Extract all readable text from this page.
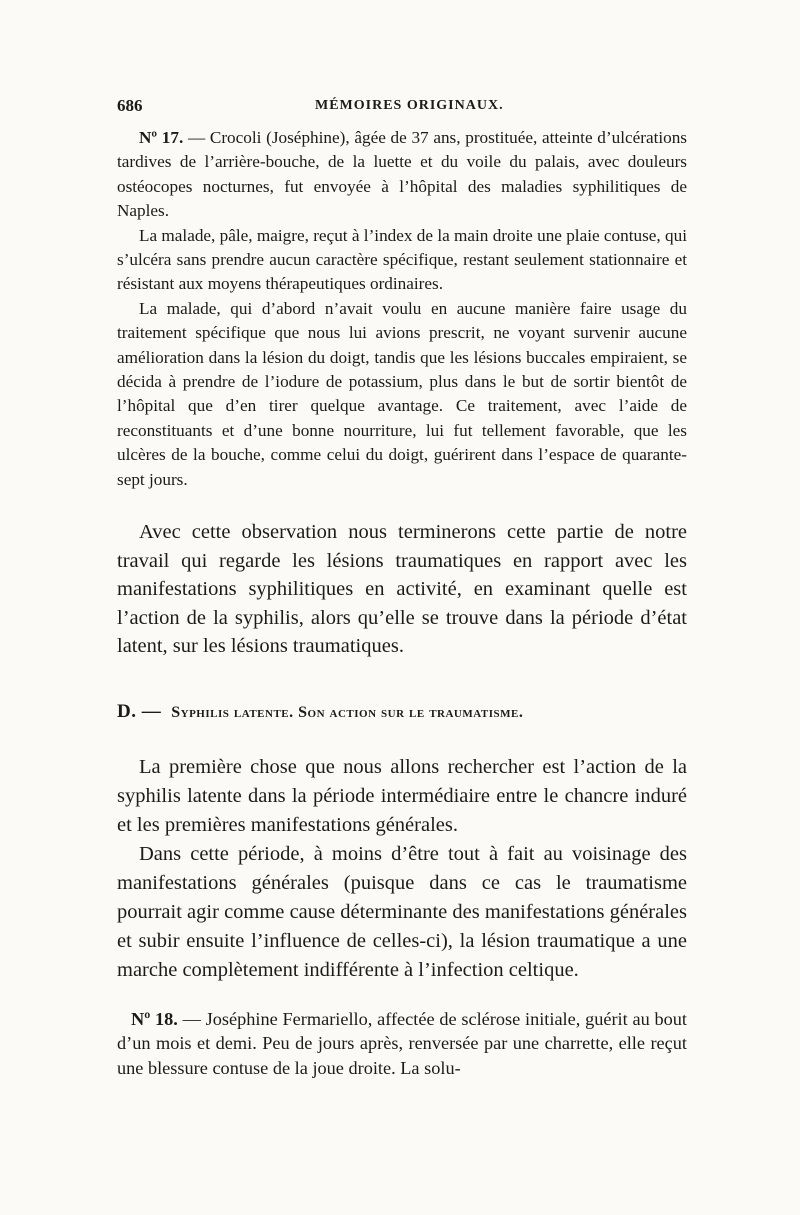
686	MÉMOIRES ORIGINAUX.

Nº 17. — Crocoli (Joséphine), âgée de 37 ans, prostituée, atteinte d’ulcérations tardives de l’arrière-bouche, de la luette et du voile du palais, avec douleurs ostéocopes nocturnes, fut envoyée à l’hôpital des maladies syphilitiques de Naples.

La malade, pâle, maigre, reçut à l’index de la main droite une plaie contuse, qui s’ulcéra sans prendre aucun caractère spécifique, restant seulement stationnaire et résistant aux moyens thérapeutiques ordinaires.

La malade, qui d’abord n’avait voulu en aucune manière faire usage du traitement spécifique que nous lui avions prescrit, ne voyant survenir aucune amélioration dans la lésion du doigt, tandis que les lésions buccales empiraient, se décida à prendre de l’iodure de potassium, plus dans le but de sortir bientôt de l’hôpital que d’en tirer quelque avantage. Ce traitement, avec l’aide de reconstituants et d’une bonne nourriture, lui fut tellement favorable, que les ulcères de la bouche, comme celui du doigt, guérirent dans l’espace de quarante-sept jours.

Avec cette observation nous terminerons cette partie de notre travail qui regarde les lésions traumatiques en rapport avec les manifestations syphilitiques en activité, en examinant quelle est l’action de la syphilis, alors qu’elle se trouve dans la période d’état latent, sur les lésions traumatiques.

D. — Syphilis latente. Son action sur le traumatisme.

La première chose que nous allons rechercher est l’action de la syphilis latente dans la période intermédiaire entre le chancre induré et les premières manifestations générales.

Dans cette période, à moins d’être tout à fait au voisinage des manifestations générales (puisque dans ce cas le traumatisme pourrait agir comme cause déterminante des manifestations générales et subir ensuite l’influence de celles-ci), la lésion traumatique a une marche complètement indifférente à l’infection celtique.

Nº 18. — Joséphine Fermariello, affectée de sclérose initiale, guérit au bout d’un mois et demi. Peu de jours après, renversée par une charrette, elle reçut une blessure contuse de la joue droite. La solu-
